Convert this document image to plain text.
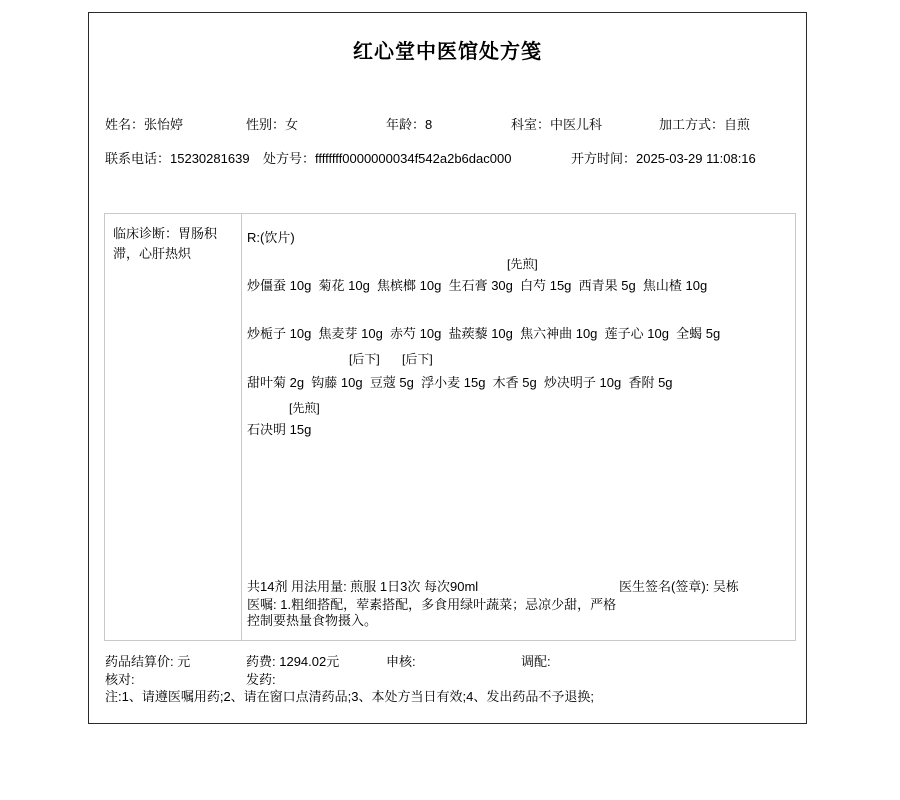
红心堂中医馆处方笺
姓名：张怡婷	性别：女	年龄：8	科室：中医儿科	加工方式：自煎
联系电话：15230281639 处方号：ffffffff0000000034f542a2b6dac000	开方时间：2025-03-29 11:08:16
临床诊断：胃肠积滞，心肝热炽
R:(饮片)
[先煎]
炒僵蚕 10g  菊花 10g  焦槟榔 10g  生石膏 30g  白芍 15g  西青果 5g  焦山楂 10g
炒栀子 10g  焦麦芽 10g  赤芍 10g  盐蒺藜 10g  焦六神曲 10g  莲子心 10g  全蝎 5g
[后下] [后下]
甜叶菊 2g  钩藤 10g  豆蔻 5g  浮小麦 15g  木香 5g  炒决明子 10g  香附 5g
[先煎]
石决明 15g
共14剂 用法用量: 煎服 1日3次 每次90ml	医生签名(签章): 吴栋
医嘱: 1.粗细搭配，荤素搭配，多食用绿叶蔬菜；忌凉少甜，严格控制要热量食物摄入。
药品结算价: 元	药费: 1294.02元	申核:	调配:
核对:	发药:
注:1、请遵医嘱用药;2、请在窗口点清药品;3、本处方当日有效;4、发出药品不予退换;
